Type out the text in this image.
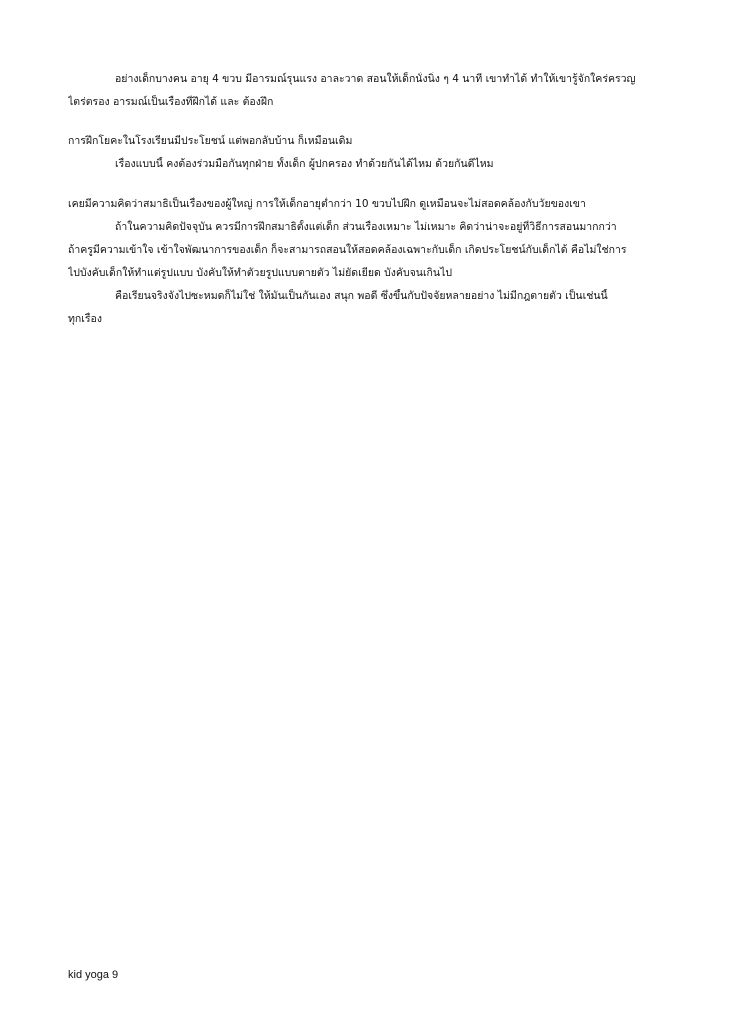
อย่างเด็กบางคน อายุ 4 ขวบ มีอารมณ์รุนแรง อาละวาด สอนให้เด็กนั่งนิ่ง ๆ 4 นาที เขาทำได้ ทำให้เขารู้จักใคร่ครวญ
ไตร่ตรอง อารมณ์เป็นเรื่องที่ฝึกได้ และ ต้องฝึก
การฝึกโยคะในโรงเรียนมีประโยชน์ แต่พอกลับบ้าน ก็เหมือนเดิม
เรื่องแบบนี้ คงต้องร่วมมือกันทุกฝ่าย ทั้งเด็ก ผู้ปกครอง ทำด้วยกันได้ไหม ด้วยกันดีไหม
เคยมีความคิดว่าสมาธิเป็นเรื่องของผู้ใหญ่ การให้เด็กอายุต่ำกว่า 10 ขวบไปฝึก ดูเหมือนจะไม่สอดคล้องกับวัยของเขา
ถ้าในความคิดปัจจุบัน ควรมีการฝึกสมาธิตั้งแต่เด็ก ส่วนเรื่องเหมาะ ไม่เหมาะ คิดว่าน่าจะอยู่ที่วิธีการสอนมากกว่า
ถ้าครูมีความเข้าใจ เข้าใจพัฒนาการของเด็ก ก็จะสามารถสอนให้สอดคล้องเฉพาะกับเด็ก เกิดประโยชน์กับเด็กได้ คือไม่ใช่การ
ไปบังคับเด็กให้ทำแต่รูปแบบ บังคับให้ทำตัวยรูปแบบตายตัว ไม่ยัดเยียด บังคับจนเกินไป
คือเรียนจริงจังไปซะหมดก็ไม่ใช่ ให้มันเป็นกันเอง สนุก พอดี ซึ่งขึ้นกับปัจจัยหลายอย่าง ไม่มีกฎตายตัว เป็นเช่นนี้
ทุกเรื่อง
kid yoga 9
